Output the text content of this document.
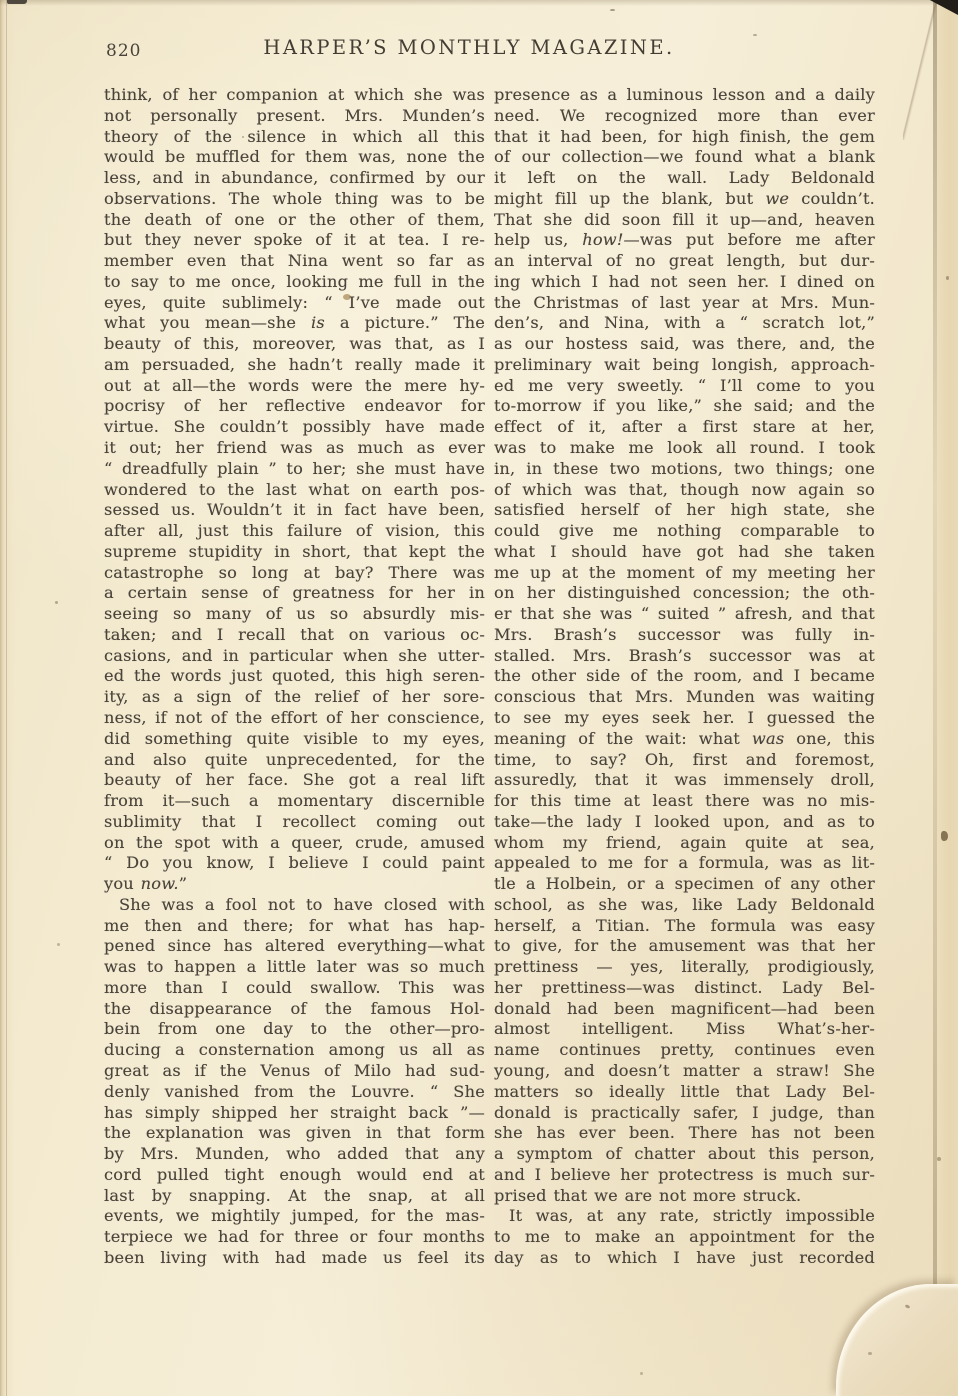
820	HARPER’S MONTHLY MAGAZINE.
think, of her companion at which she was
not personally present. Mrs. Munden’s
theory of the silence in which all this
would be muffled for them was, none the
less, and in abundance, confirmed by our
observations. The whole thing was to be
the death of one or the other of them,
but they never spoke of it at tea. I re-
member even that Nina went so far as
to say to me once, looking me full in the
eyes, quite sublimely: “ I’ve made out
what you mean—she is a picture.” The
beauty of this, moreover, was that, as I
am persuaded, she hadn’t really made it
out at all—the words were the mere hy-
pocrisy of her reflective endeavor for
virtue. She couldn’t possibly have made
it out; her friend was as much as ever
“ dreadfully plain ” to her; she must have
wondered to the last what on earth pos-
sessed us. Wouldn’t it in fact have been,
after all, just this failure of vision, this
supreme stupidity in short, that kept the
catastrophe so long at bay? There was
a certain sense of greatness for her in
seeing so many of us so absurdly mis-
taken; and I recall that on various oc-
casions, and in particular when she utter-
ed the words just quoted, this high seren-
ity, as a sign of the relief of her sore-
ness, if not of the effort of her conscience,
did something quite visible to my eyes,
and also quite unprecedented, for the
beauty of her face. She got a real lift
from it—such a momentary discernible
sublimity that I recollect coming out
on the spot with a queer, crude, amused
“ Do you know, I believe I could paint
you now.”
She was a fool not to have closed with
me then and there; for what has hap-
pened since has altered everything—what
was to happen a little later was so much
more than I could swallow. This was
the disappearance of the famous Hol-
bein from one day to the other—pro-
ducing a consternation among us all as
great as if the Venus of Milo had sud-
denly vanished from the Louvre. “ She
has simply shipped her straight back ”—
the explanation was given in that form
by Mrs. Munden, who added that any
cord pulled tight enough would end at
last by snapping. At the snap, at all
events, we mightily jumped, for the mas-
terpiece we had for three or four months
been living with had made us feel its
presence as a luminous lesson and a daily
need. We recognized more than ever
that it had been, for high finish, the gem
of our collection—we found what a blank
it left on the wall. Lady Beldonald
might fill up the blank, but we couldn’t.
That she did soon fill it up—and, heaven
help us, how!—was put before me after
an interval of no great length, but dur-
ing which I had not seen her. I dined on
the Christmas of last year at Mrs. Mun-
den’s, and Nina, with a “ scratch lot,”
as our hostess said, was there, and, the
preliminary wait being longish, approach-
ed me very sweetly. “ I’ll come to you
to-morrow if you like,” she said; and the
effect of it, after a first stare at her,
was to make me look all round. I took
in, in these two motions, two things; one
of which was that, though now again so
satisfied herself of her high state, she
could give me nothing comparable to
what I should have got had she taken
me up at the moment of my meeting her
on her distinguished concession; the oth-
er that she was “ suited ” afresh, and that
Mrs. Brash’s successor was fully in-
stalled. Mrs. Brash’s successor was at
the other side of the room, and I became
conscious that Mrs. Munden was waiting
to see my eyes seek her. I guessed the
meaning of the wait: what was one, this
time, to say? Oh, first and foremost,
assuredly, that it was immensely droll,
for this time at least there was no mis-
take—the lady I looked upon, and as to
whom my friend, again quite at sea,
appealed to me for a formula, was as lit-
tle a Holbein, or a specimen of any other
school, as she was, like Lady Beldonald
herself, a Titian. The formula was easy
to give, for the amusement was that her
prettiness — yes, literally, prodigiously,
her prettiness—was distinct. Lady Bel-
donald had been magnificent—had been
almost intelligent. Miss What’s-her-
name continues pretty, continues even
young, and doesn’t matter a straw! She
matters so ideally little that Lady Bel-
donald is practically safer, I judge, than
she has ever been. There has not been
a symptom of chatter about this person,
and I believe her protectress is much sur-
prised that we are not more struck.
It was, at any rate, strictly impossible
to me to make an appointment for the
day as to which I have just recorded
